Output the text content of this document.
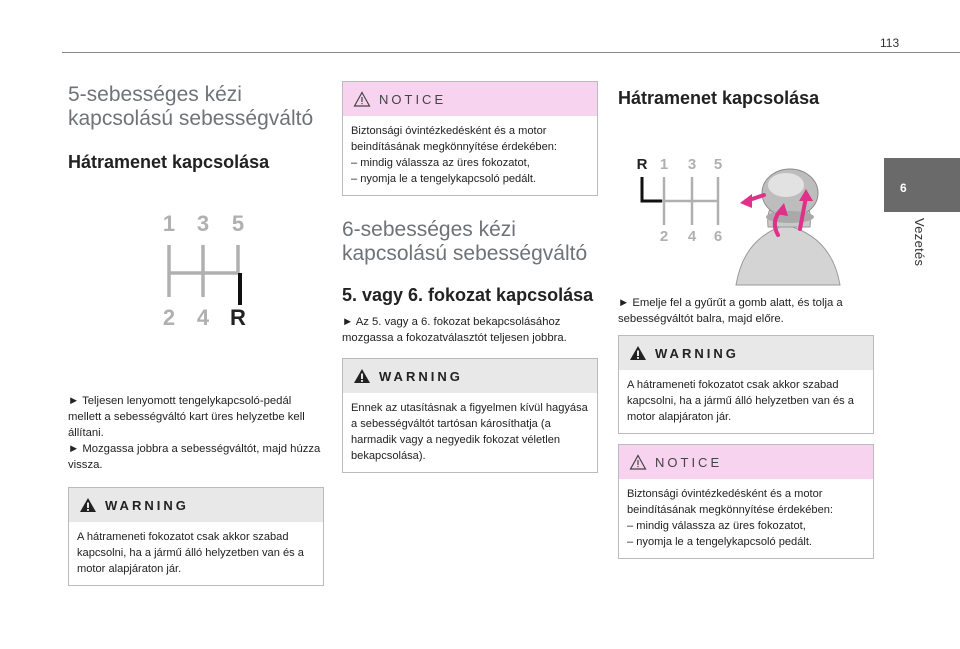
113
6
Vezetés
5-sebességes kézi kapcsolású sebességváltó
Hátramenet kapcsolása
1 3 5
2 4 R

► Teljesen lenyomott tengelykapcsoló-pedál mellett a sebességváltó kart üres helyzetbe kell állítani.

► Mozgassa jobbra a sebességváltót, majd húzza vissza.

WARNING

A hátrameneti fokozatot csak akkor szabad kapcsolni, ha a jármű álló helyzetben van és a motor alapjáraton jár.

NOTICE

Biztonsági óvintézkedésként és a motor beindításának megkönnyítése érdekében:

– mindig válassza az üres fokozatot,

– nyomja le a tengelykapcsoló pedált.

6-sebességes kézi kapcsolású sebességváltó
5. vagy 6. fokozat kapcsolása

► Az 5. vagy a 6. fokozat bekapcsolásához mozgassa a fokozatválasztót teljesen jobbra.

WARNING

Ennek az utasításnak a figyelmen kívül hagyása a sebességváltót tartósan károsíthatja (a harmadik vagy a negyedik fokozat véletlen bekapcsolása).

Hátramenet kapcsolása
R 1 3 5
2 4 6

► Emelje fel a gyűrűt a gomb alatt, és tolja a sebességváltót balra, majd előre.

WARNING

A hátrameneti fokozatot csak akkor szabad kapcsolni, ha a jármű álló helyzetben van és a motor alapjáraton jár.

NOTICE

Biztonsági óvintézkedésként és a motor beindításának megkönnyítése érdekében:

– mindig válassza az üres fokozatot,

– nyomja le a tengelykapcsoló pedált.
